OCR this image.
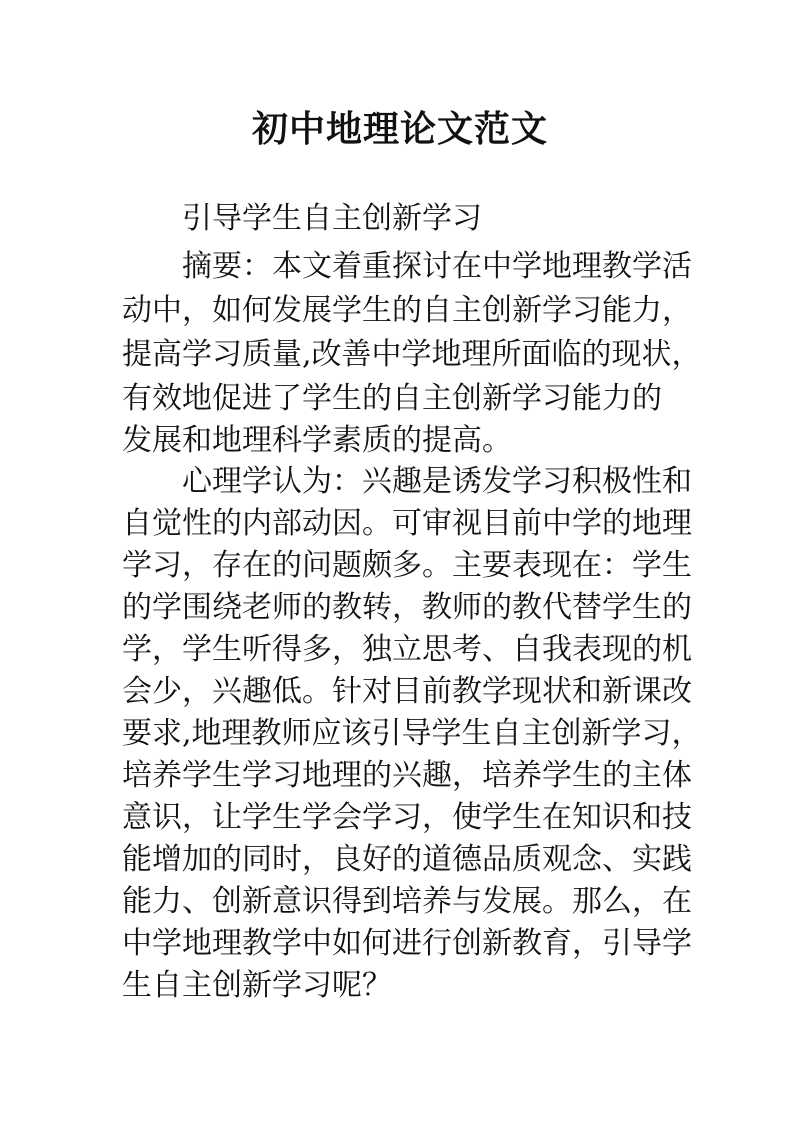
初中地理论文范文
引导学生自主创新学习
摘要：本文着重探讨在中学地理教学活
动中，如何发展学生的自主创新学习能力，
提高学习质量,改善中学地理所面临的现状，
有效地促进了学生的自主创新学习能力的
发展和地理科学素质的提高。
心理学认为：兴趣是诱发学习积极性和
自觉性的内部动因。可审视目前中学的地理
学习，存在的问题颇多。主要表现在：学生
的学围绕老师的教转，教师的教代替学生的
学，学生听得多，独立思考、自我表现的机
会少，兴趣低。针对目前教学现状和新课改
要求,地理教师应该引导学生自主创新学习，
培养学生学习地理的兴趣，培养学生的主体
意识，让学生学会学习，使学生在知识和技
能增加的同时，良好的道德品质观念、实践
能力、创新意识得到培养与发展。那么，在
中学地理教学中如何进行创新教育，引导学
生自主创新学习呢？
